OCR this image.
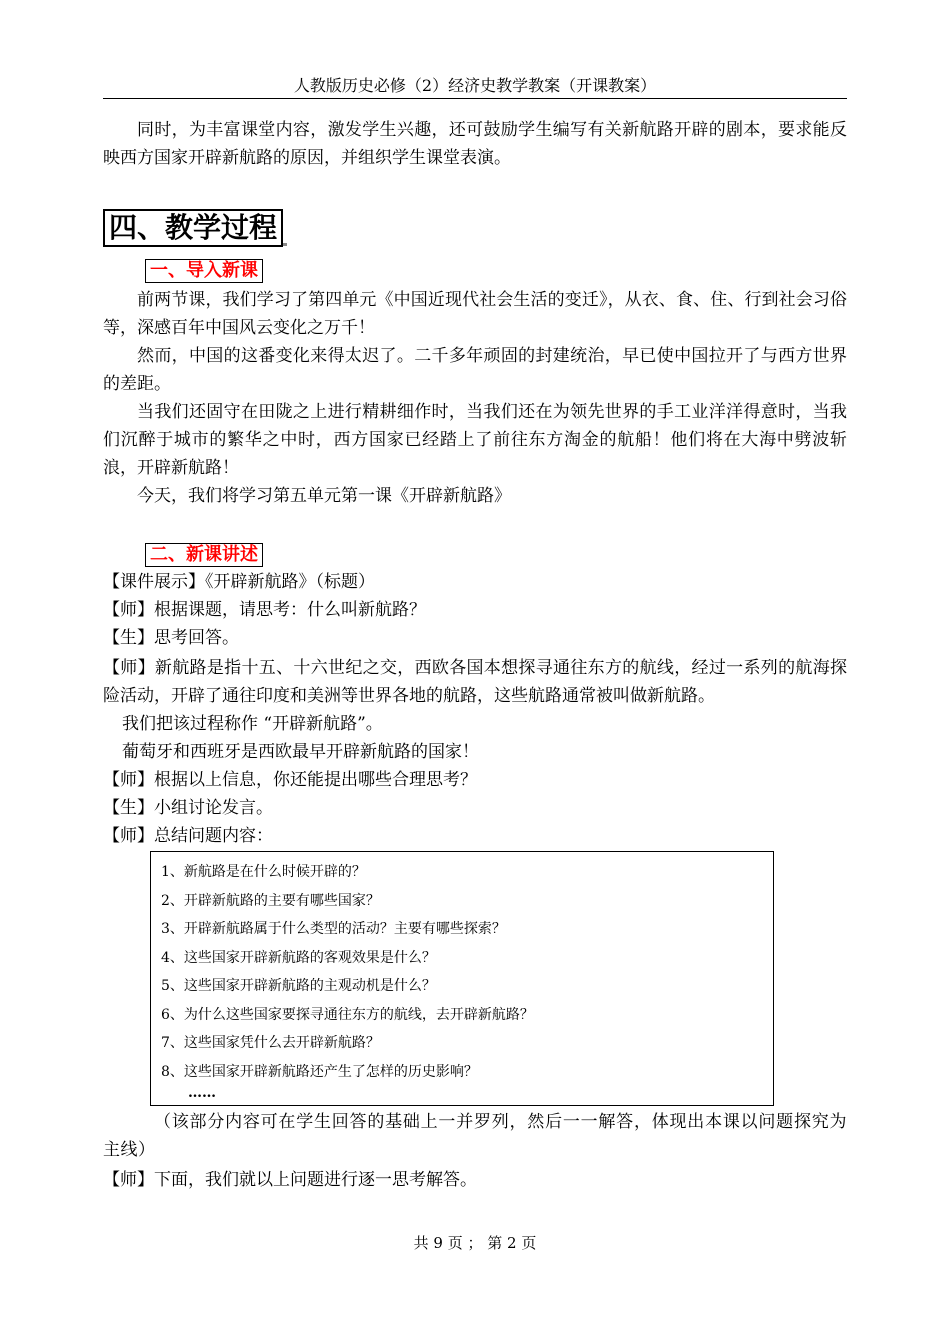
人教版历史必修（2）经济史教学教案（开课教案）

同时，为丰富课堂内容，激发学生兴趣，还可鼓励学生编写有关新航路开辟的剧本，要求能反映西方国家开辟新航路的原因，并组织学生课堂表演。

四、教学过程
一、导入新课

前两节课，我们学习了第四单元《中国近现代社会生活的变迁》，从衣、食、住、行到社会习俗等，深感百年中国风云变化之万千！

然而，中国的这番变化来得太迟了。二千多年顽固的封建统治，早已使中国拉开了与西方世界的差距。

当我们还固守在田陇之上进行精耕细作时，当我们还在为领先世界的手工业洋洋得意时，当我们沉醉于城市的繁华之中时，西方国家已经踏上了前往东方淘金的航船！他们将在大海中劈波斩浪，开辟新航路！

今天，我们将学习第五单元第一课《开辟新航路》

二、新课讲述
【课件展示】《开辟新航路》（标题）
【师】根据课题，请思考：什么叫新航路？
【生】思考回答。

【师】新航路是指十五、十六世纪之交，西欧各国本想探寻通往东方的航线，经过一系列的航海探险活动，开辟了通往印度和美洲等世界各地的航路，这些航路通常被叫做新航路。

我们把该过程称作 “开辟新航路”。
葡萄牙和西班牙是西欧最早开辟新航路的国家！
【师】根据以上信息，你还能提出哪些合理思考？
【生】小组讨论发言。
【师】总结问题内容：
1、新航路是在什么时候开辟的？
2、开辟新航路的主要有哪些国家？
3、开辟新航路属于什么类型的活动？主要有哪些探索？
4、这些国家开辟新航路的客观效果是什么？
5、这些国家开辟新航路的主观动机是什么？
6、为什么这些国家要探寻通往东方的航线，去开辟新航路？
7、这些国家凭什么去开辟新航路？
8、这些国家开辟新航路还产生了怎样的历史影响？
……
（该部分内容可在学生回答的基础上一并罗列，然后一一解答，体现出本课以问题探究为主线）
【师】下面，我们就以上问题进行逐一思考解答。
共 9 页 ； 第 2 页
